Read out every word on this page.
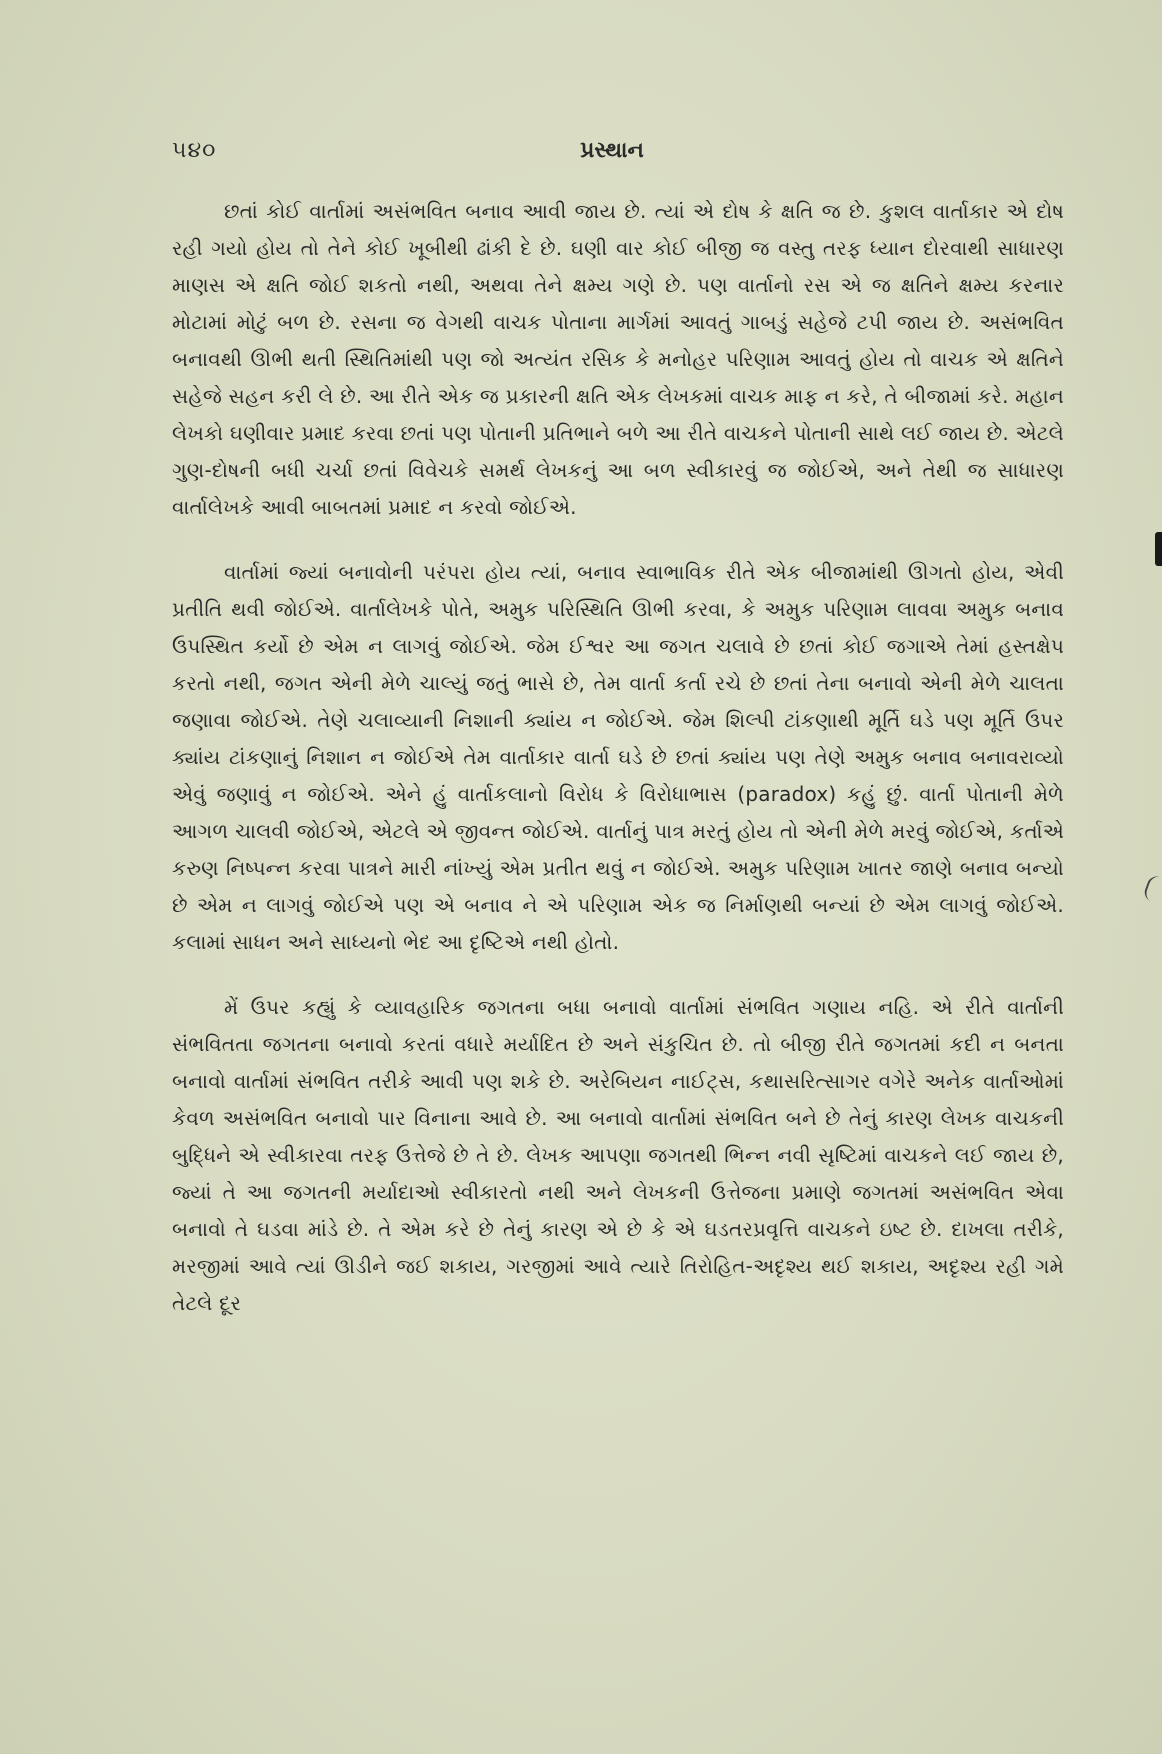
૫૪૦	પ્રસ્થાન

છતાં કોઈ વાર્તામાં અસંભવિત બનાવ આવી જાય છે. ત્યાં એ દોષ કે ક્ષતિ જ છે. કુશલ વાર્તાકાર એ દોષ રહી ગયો હોય તો તેને કોઈ ખૂબીથી ઢાંકી દે છે. ઘણી વાર કોઈ બીજી જ વસ્તુ તરફ ધ્યાન દોરવાથી સાધારણ માણસ એ ક્ષતિ જોઈ શકતો નથી, અથવા તેને ક્ષમ્ય ગણે છે. પણ વાર્તાનો રસ એ જ ક્ષતિને ક્ષમ્ય કરનાર મોટામાં મોટું બળ છે. રસના જ વેગથી વાચક પોતાના માર્ગમાં આવતું ગાબડું સહેજે ટપી જાય છે. અસંભવિત બનાવથી ઊભી થતી સ્થિતિમાંથી પણ જો અત્યંત રસિક કે મનોહર પરિણામ આવતું હોય તો વાચક એ ક્ષતિને સહેજે સહન કરી લે છે. આ રીતે એક જ પ્રકારની ક્ષતિ એક લેખકમાં વાચક માફ ન કરે, તે બીજામાં કરે. મહાન લેખકો ઘણીવાર પ્રમાદ કરવા છતાં પણ પોતાની પ્રતિભાને બળે આ રીતે વાચકને પોતાની સાથે લઈ જાય છે. એટલે ગુણ-દોષની બધી ચર્ચા છતાં વિવેચકે સમર્થ લેખકનું આ બળ સ્વીકારવું જ જોઈએ, અને તેથી જ સાધારણ વાર્તાલેખકે આવી બાબતમાં પ્રમાદ ન કરવો જોઈએ.

વાર્તામાં જ્યાં બનાવોની પરંપરા હોય ત્યાં, બનાવ સ્વાભાવિક રીતે એક બીજામાંથી ઊગતો હોય, એવી પ્રતીતિ થવી જોઈએ. વાર્તાલેખકે પોતે, અમુક પરિસ્થિતિ ઊભી કરવા, કે અમુક પરિણામ લાવવા અમુક બનાવ ઉપસ્થિત કર્યો છે એમ ન લાગવું જોઈએ. જેમ ઈશ્વર આ જગત ચલાવે છે છતાં કોઈ જગાએ તેમાં હસ્તક્ષેપ કરતો નથી, જગત એની મેળે ચાલ્યું જતું ભાસે છે, તેમ વાર્તા કર્તા રચે છે છતાં તેના બનાવો એની મેળે ચાલતા જણાવા જોઈએ. તેણે ચલાવ્યાની નિશાની ક્યાંય ન જોઈએ. જેમ શિલ્પી ટાંકણાથી મૂર્તિ ઘડે પણ મૂર્તિ ઉપર ક્યાંય ટાંકણાનું નિશાન ન જોઈએ તેમ વાર્તાકાર વાર્તા ઘડે છે છતાં ક્યાંય પણ તેણે અમુક બનાવ બનાવરાવ્યો એવું જણાવું ન જોઈએ. એને હું વાર્તાકલાનો વિરોધ કે વિરોધાભાસ (paradox) કહું છું. વાર્તા પોતાની મેળે આગળ ચાલવી જોઈએ, એટલે એ જીવન્ત જોઈએ. વાર્તાનું પાત્ર મરતું હોય તો એની મેળે મરવું જોઈએ, કર્તાએ કરુણ નિષ્પન્ન કરવા પાત્રને મારી નાંખ્યું એમ પ્રતીત થવું ન જોઈએ. અમુક પરિણામ ખાતર જાણે બનાવ બન્યો છે એમ ન લાગવું જોઈએ પણ એ બનાવ ને એ પરિણામ એક જ નિર્માણથી બન્યાં છે એમ લાગવું જોઈએ. કલામાં સાધન અને સાધ્યનો ભેદ આ દૃષ્ટિએ નથી હોતો.

મેં ઉપર કહ્યું કે વ્યાવહારિક જગતના બધા બનાવો વાર્તામાં સંભવિત ગણાય નહિ. એ રીતે વાર્તાની સંભવિતતા જગતના બનાવો કરતાં વધારે મર્યાદિત છે અને સંકુચિત છે. તો બીજી રીતે જગતમાં કદી ન બનતા બનાવો વાર્તામાં સંભવિત તરીકે આવી પણ શકે છે. અરેબિયન નાઈટ્સ, કથાસરિત્સાગર વગેરે અનેક વાર્તાઓમાં કેવળ અસંભવિત બનાવો પાર વિનાના આવે છે. આ બનાવો વાર્તામાં સંભવિત બને છે તેનું કારણ લેખક વાચકની બુદ્ધિને એ સ્વીકારવા તરફ ઉત્તેજે છે તે છે. લેખક આપણા જગતથી ભિન્ન નવી સૃષ્ટિમાં વાચકને લઈ જાય છે, જ્યાં તે આ જગતની મર્યાદાઓ સ્વીકારતો નથી અને લેખકની ઉત્તેજના પ્રમાણે જગતમાં અસંભવિત એવા બનાવો તે ઘડવા માંડે છે. તે એમ કરે છે તેનું કારણ એ છે કે એ ઘડતરપ્રવૃત્તિ વાચકને ઇષ્ટ છે. દાખલા તરીકે, મરજીમાં આવે ત્યાં ઊડીને જઈ શકાય, ગરજીમાં આવે ત્યારે તિરોહિત-અદૃશ્ય થઈ શકાય, અદૃશ્ય રહી ગમે તેટલે દૂર
